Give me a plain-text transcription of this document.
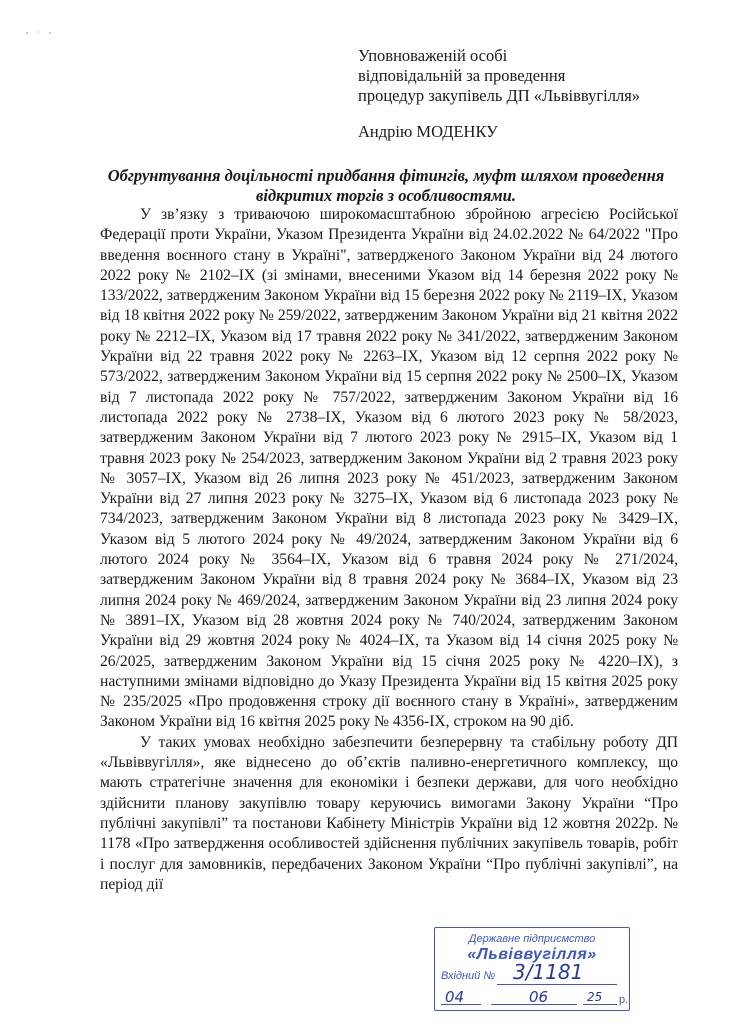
Уповноваженій особі
відповідальній за проведення
процедур закупівель ДП «Львіввугілля»
Андрію МОДЕНКУ
Обгрунтування доцільності придбання фітингів, муфт шляхом проведення відкритих торгів з особливостями.

У зв’язку з триваючою широкомасштабною збройною агресією Російської Федерації проти України, Указом Президента України від 24.02.2022 № 64/2022 "Про введення воєнного стану в Україні", затвердженого Законом України від 24 лютого 2022 року № 2102–IX (зі змінами, внесеними Указом від 14 березня 2022 року № 133/2022, затвердженим Законом України від 15 березня 2022 року № 2119–IX, Указом від 18 квітня 2022 року № 259/2022, затвердженим Законом України від 21 квітня 2022 року № 2212–IX, Указом від 17 травня 2022 року № 341/2022, затвердженим Законом України від 22 травня 2022 року № 2263–IX, Указом від 12 серпня 2022 року № 573/2022, затвердженим Законом України від 15 серпня 2022 року № 2500–IX, Указом від 7 листопада 2022 року № 757/2022, затвердженим Законом України від 16 листопада 2022 року № 2738–IX, Указом від 6 лютого 2023 року № 58/2023, затвердженим Законом України від 7 лютого 2023 року № 2915–IX, Указом від 1 травня 2023 року № 254/2023, затвердженим Законом України від 2 травня 2023 року № 3057–IX, Указом від 26 липня 2023 року № 451/2023, затвердженим Законом України від 27 липня 2023 року № 3275–IX, Указом від 6 листопада 2023 року № 734/2023, затвердженим Законом України від 8 листопада 2023 року № 3429–IX, Указом від 5 лютого 2024 року № 49/2024, затвердженим Законом України від 6 лютого 2024 року № 3564–IX, Указом від 6 травня 2024 року № 271/2024, затвердженим Законом України від 8 травня 2024 року № 3684–IX, Указом від 23 липня 2024 року № 469/2024, затвердженим Законом України від 23 липня 2024 року № 3891–IX, Указом від 28 жовтня 2024 року № 740/2024, затвердженим Законом України від 29 жовтня 2024 року № 4024–IX, та Указом від 14 січня 2025 року № 26/2025, затвердженим Законом України від 15 січня 2025 року № 4220–IX), з наступними змінами відповідно до Указу Президента України від 15 квітня 2025 року № 235/2025 «Про продовження строку дії воєнного стану в Україні», затвердженим Законом України від 16 квітня 2025 року № 4356-IX, строком на 90 діб.

У таких умовах необхідно забезпечити безперервну та стабільну роботу ДП «Львіввугілля», яке віднесено до об’єктів паливно-енергетичного комплексу, що мають стратегічне значення для економіки і безпеки держави, для чого необхідно здійснити планову закупівлю товару керуючись вимогами Закону України “Про публічні закупівлі” та постанови Кабінету Міністрів України від 12 жовтня 2022р. № 1178 «Про затвердження особливостей здійснення публічних закупівель товарів, робіт і послуг для замовників, передбачених Законом України “Про публічні закупівлі”, на період дії

Державне підприємство
«Львіввугілля»
Вхідний № 3/1181
04	06	25 р.
